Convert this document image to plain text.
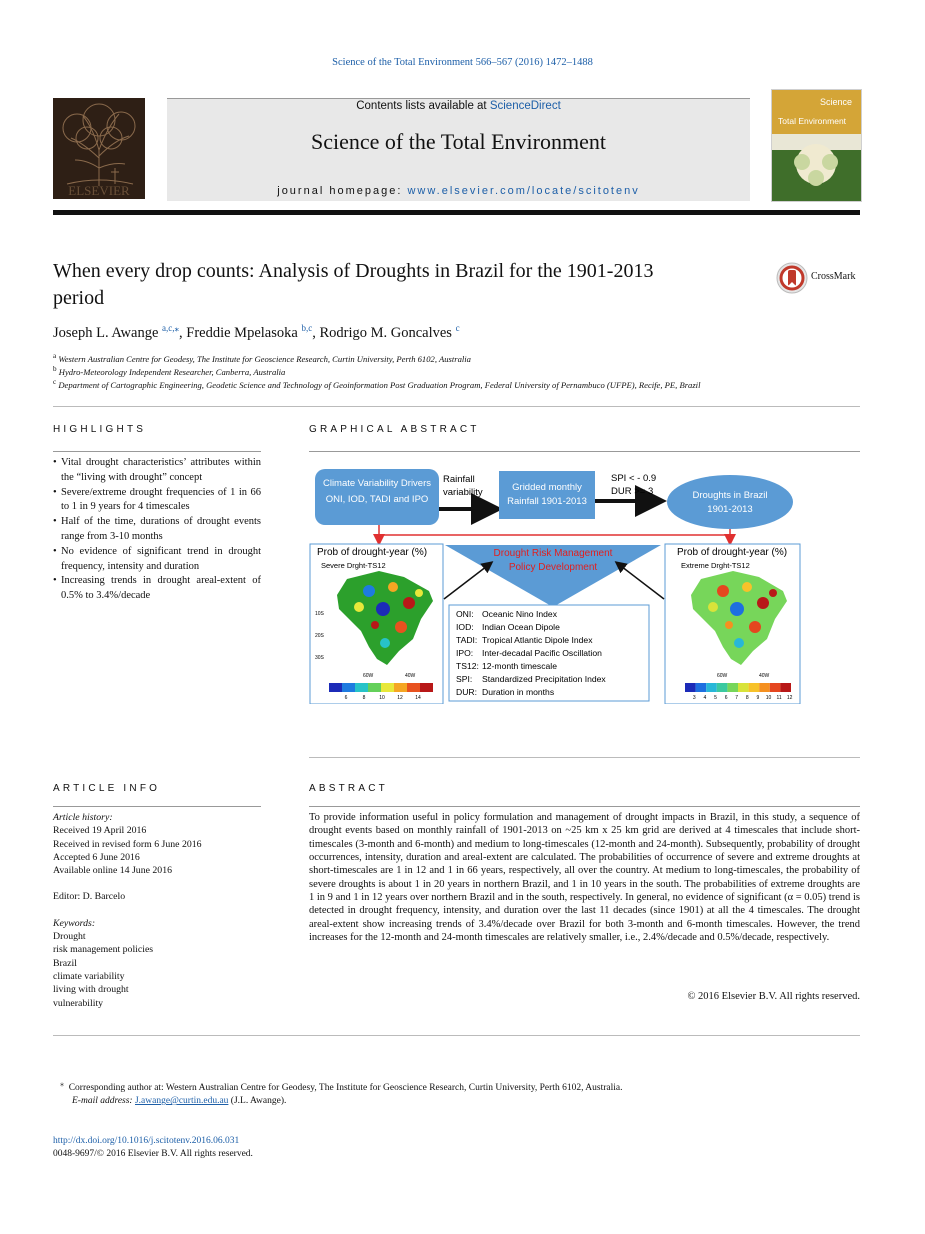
Science of the Total Environment 566–567 (2016) 1472–1488
ELSEVIER
Contents lists available at ScienceDirect
Science of the Total Environment
journal homepage: www.elsevier.com/locate/scitotenv
Science
Total Environment
When every drop counts: Analysis of Droughts in Brazil for the 1901-2013 period
CrossMark
Joseph L. Awange $^{a,c,⁎}$, Freddie Mpelasoka $^{b,c}$, Rodrigo M. Goncalves $^c$
$^a$ Western Australian Centre for Geodesy, The Institute for Geoscience Research, Curtin University, Perth 6102, Australia
$^b$ Hydro-Meteorology Independent Researcher, Canberra, Australia
$^c$ Department of Cartographic Engineering, Geodetic Science and Technology of Geoinformation Post Graduation Program, Federal University of Pernambuco (UFPE), Recife, PE, Brazil
HIGHLIGHTS
• Vital drought characteristics’ attributes within the “living with drought” concept
• Severe/extreme drought frequencies of 1 in 66 to 1 in 9 years for 4 timescales
• Half of the time, durations of drought events range from 3-10 months
• No evidence of significant trend in drought frequency, intensity and duration
• Increasing trends in drought areal-extent of 0.5% to 3.4%/decade
GRAPHICAL ABSTRACT
Climate Variability Drivers
ONI, IOD, TADI and IPO
Rainfall
variability	Gridded monthly
Rainfall 1901-2013
SPI < - 0.9
DUR >= 3	Droughts in Brazil
1901-2013
Drought Risk Management
Policy Development
Prob of drought-year (%)
Severe Drght-TS12
10S
20S
30S
60W	40W
6	8	10 12 14
ONI: Oceanic Nino Index
IOD: Indian Ocean Dipole
TADI: Tropical Atlantic Dipole Index
IPO: Inter-decadal Pacific Oscillation
TS12: 12-month timescale
SPI: Standardized Precipitation Index
DUR: Duration in months
Prob of drought-year (%)
Extreme Drght-TS12
60W	40W
3 4 5 6 7 8 9 10 11 12
ARTICLE INFO
Article history:
Received 19 April 2016
Received in revised form 6 June 2016
Accepted 6 June 2016
Available online 14 June 2016
Editor: D. Barcelo
Keywords:
Drought
risk management policies
Brazil
climate variability
living with drought
vulnerability
ABSTRACT
To provide information useful in policy formulation and management of drought impacts in Brazil, in this study, a sequence of drought events based on monthly rainfall of 1901-2013 on ~25 km x 25 km grid are derived at 4 timescales that include short-timescales (3-month and 6-month) and medium to long-timescales (12-month and 24-month). Subsequently, probability of drought occurrences, intensity, duration and areal-extent are calculated. The probabilities of occurrence of severe and extreme droughts at short-timescales are 1 in 12 and 1 in 66 years, respectively, all over the country. At medium to long-timescales, the probability of severe droughts is about 1 in 20 years in northern Brazil, and 1 in 10 years in the south. The probabilities of extreme droughts are 1 in 9 and 1 in 12 years over northern Brazil and in the south, respectively. In general, no evidence of significant (α = 0.05) trend is detected in drought frequency, intensity, and duration over the last 11 decades (since 1901) at all the 4 timescales. The drought areal-extent show increasing trends of 3.4%/decade over Brazil for both 3-month and 6-month timescales. However, the trend increases for the 12-month and 24-month timescales are relatively smaller, i.e., 2.4%/decade and 0.5%/decade, respectively.
© 2016 Elsevier B.V. All rights reserved.
⁎ Corresponding author at: Western Australian Centre for Geodesy, The Institute for Geoscience Research, Curtin University, Perth 6102, Australia.
E-mail address: J.awange@curtin.edu.au (J.L. Awange).
http://dx.doi.org/10.1016/j.scitotenv.2016.06.031
0048-9697/© 2016 Elsevier B.V. All rights reserved.
